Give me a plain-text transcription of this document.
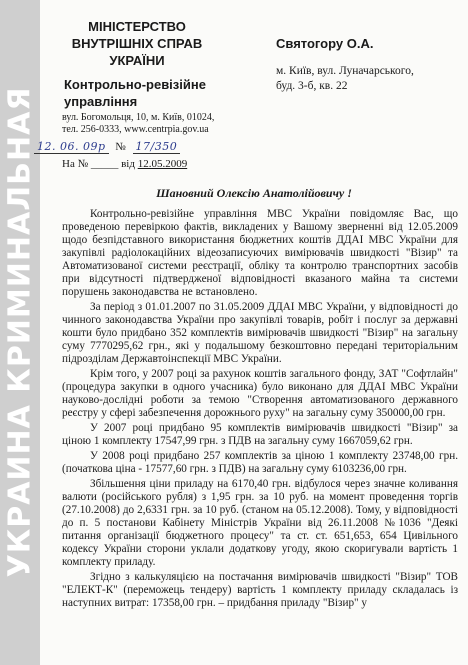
УКРАИНА КРИМИНАЛЬНАЯ
МІНІСТЕРСТВО
ВНУТРІШНІХ СПРАВ
УКРАЇНИ
Контрольно-ревізійне управління
вул. Богомольця, 10, м. Київ, 01024,
тел. 256-0333, www.centrpia.gov.ua
12. 06. 09р № 17/350
На № _____ від 12.05.2009
Святогору О.А.
м. Київ, вул. Луначарського,
буд. 3-б, кв. 22
Шановний Олексію Анатолійовичу !

Контрольно-ревізійне управління МВС України повідомляє Вас, що проведеною перевіркою фактів, викладених у Вашому зверненні від 12.05.2009 щодо безпідставного використання бюджетних коштів ДДАІ МВС України для закупівлі радіолокаційних відеозаписуючих вимірювачів швидкості "Візир" та Автоматизованої системи реєстрації, обліку та контролю транспортних засобів при відсутності підтвердженої відповідності вказаного майна та системи порушень законодавства не встановлено.

За період з 01.01.2007 по 31.05.2009 ДДАІ МВС України, у відповідності до чинного законодавства України про закупівлі товарів, робіт і послуг за державні кошти було придбано 352 комплектів вимірювачів швидкості "Візир" на загальну суму 7770295,62 грн., які у подальшому безкоштовно передані територіальним підрозділам Державтоінспекції МВС України.

Крім того, у 2007 році за рахунок коштів загального фонду, ЗАТ "Софтлайн" (процедура закупки в одного учасника) було виконано для ДДАІ МВС України науково-дослідні роботи за темою "Створення автоматизованого державного реєстру у сфері забезпечення дорожнього руху" на загальну суму 350000,00 грн.

У 2007 році придбано 95 комплектів вимірювачів швидкості "Візир" за ціною 1 комплекту 17547,99 грн. з ПДВ на загальну суму 1667059,62 грн.

У 2008 році придбано 257 комплектів за ціною 1 комплекту 23748,00 грн. (початкова ціна - 17577,60 грн. з ПДВ) на загальну суму 6103236,00 грн.

Збільшення ціни приладу на 6170,40 грн. відбулося через значне коливання валюти (російського рубля) з 1,95 грн. за 10 руб. на момент проведення торгів (27.10.2008) до 2,6331 грн. за 10 руб. (станом на 05.12.2008). Тому, у відповідності до п. 5 постанови Кабінету Міністрів України від 26.11.2008 №1036 "Деякі питання організації бюджетного процесу" та ст. ст. 651,653, 654 Цивільного кодексу України сторони уклали додаткову угоду, якою скоригували вартість 1 комплекту приладу.

Згідно з калькуляцією на постачання вимірювачів швидкості "Візир" ТОВ "ЕЛЕКТ-К" (переможець тендеру) вартість 1 комплекту приладу складалась із наступних витрат: 17358,00 грн. – придбання приладу "Візир" у
